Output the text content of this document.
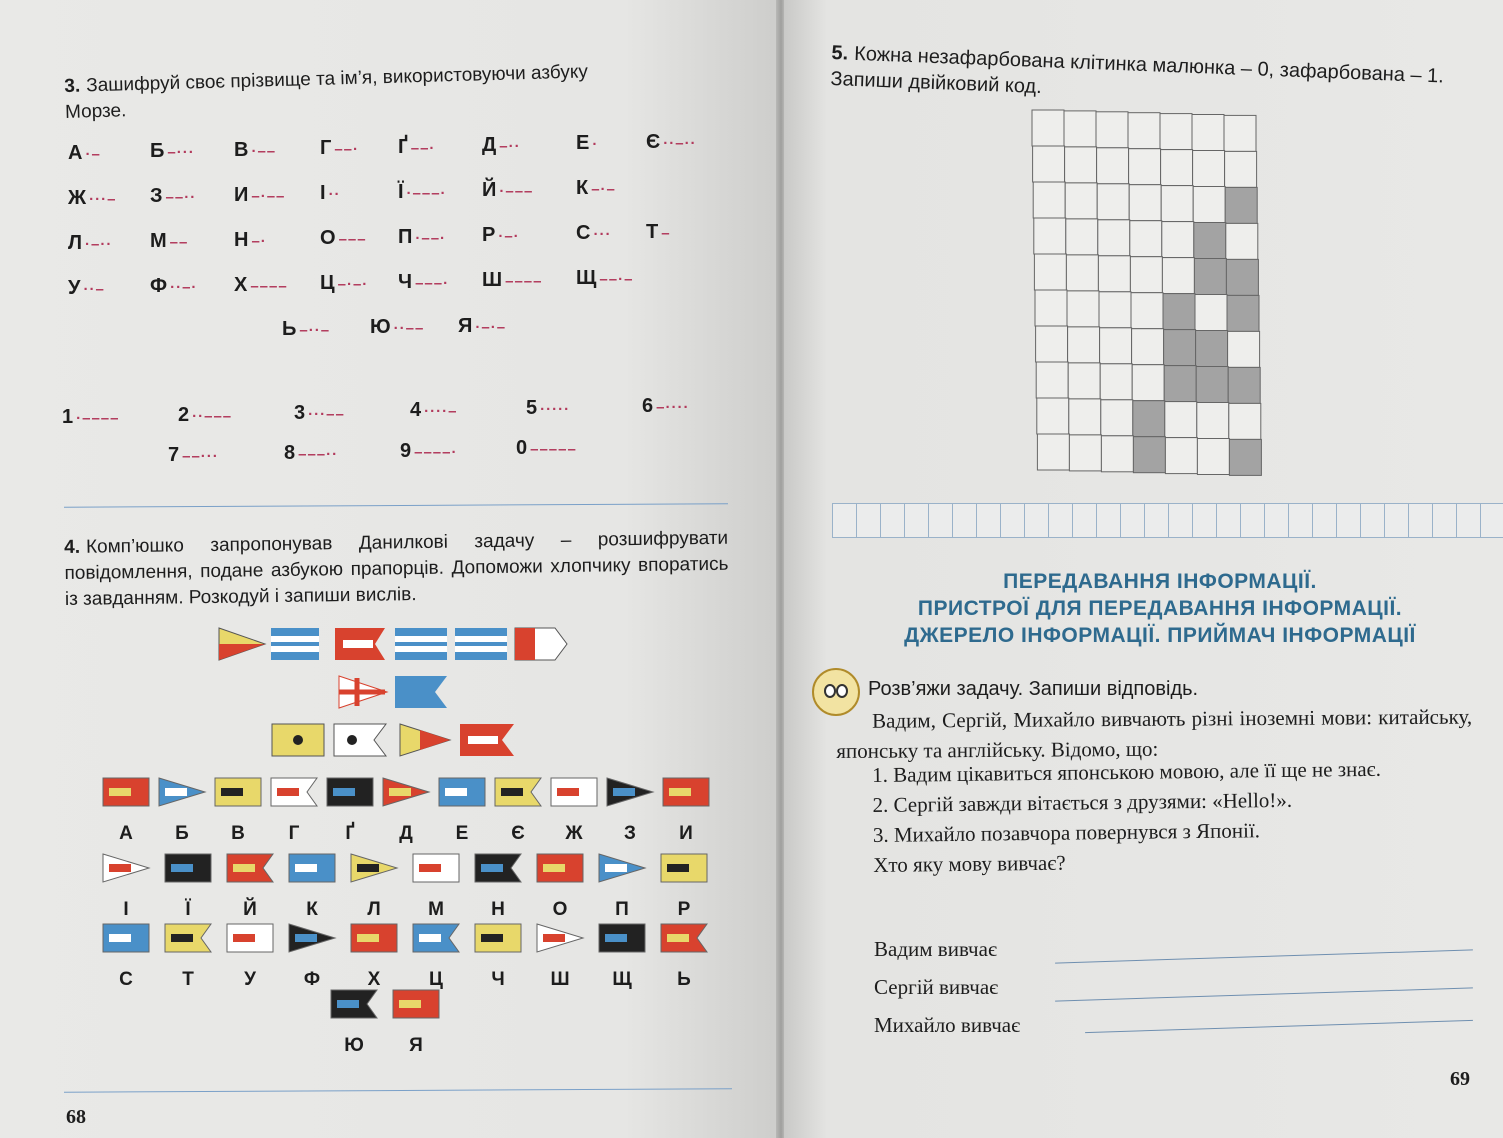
3. Зашифруй своє прізвище та ім’я, використовуючи азбуку
Морзе.
А ·– Б –··· В ·–– Г ––· Ґ ––· Д –··	Е · Є ··–··
Ж ···– З ––·· И –·–– І ··	Ї ·–––· Й ·––– К –·–
Л ·–·· М –– Н –·	О ––– П ·––· Р ·–·	С ··· Т –
У ··– Ф ··–· Х –––– Ц –·–· Ч –––· Ш –––– Щ ––·–
Ь –··– Ю ··–– Я ·–·–
1 ·––––	2 ··–––	3 ···––	4 ····–	5 ·····	6 –····
7 ––···	8 –––··	9 ––––·	0 –––––
4. Комп’юшко запропонував Данилкові задачу – розшифрувати повідомлення, подане азбукою прапорців. Допоможи хлопчику впоратись із завданням. Розкодуй і запиши вислів.
А	Б	В	Г	Ґ	Д	Е	Є	Ж	З	И
І	Ї	Й	К	Л	М	Н	О	П	Р
С	Т	У	Ф	Х	Ц	Ч	Ш	Щ	Ь
Ю	Я
68
5. Кожна незафарбована клітинка малюнка – 0, зафарбована – 1. Запиши двійковий код.
ПЕРЕДАВАННЯ ІНФОРМАЦІЇ.
ПРИСТРОЇ ДЛЯ ПЕРЕДАВАННЯ ІНФОРМАЦІЇ.
ДЖЕРЕЛО ІНФОРМАЦІЇ. ПРИЙМАЧ ІНФОРМАЦІЇ
Розв’яжи задачу. Запиши відповідь.
Вадим, Сергій, Михайло вивчають різні іноземні мови: китайську, японську та англійську. Відомо, що:
1. Вадим цікавиться японською мовою, але її ще не знає.
2. Сергій завжди вітається з друзями: «Hello!».
3. Михайло позавчора повернувся з Японії.
Хто яку мову вивчає?
Вадим вивчає
Сергій вивчає
Михайло вивчає
69
